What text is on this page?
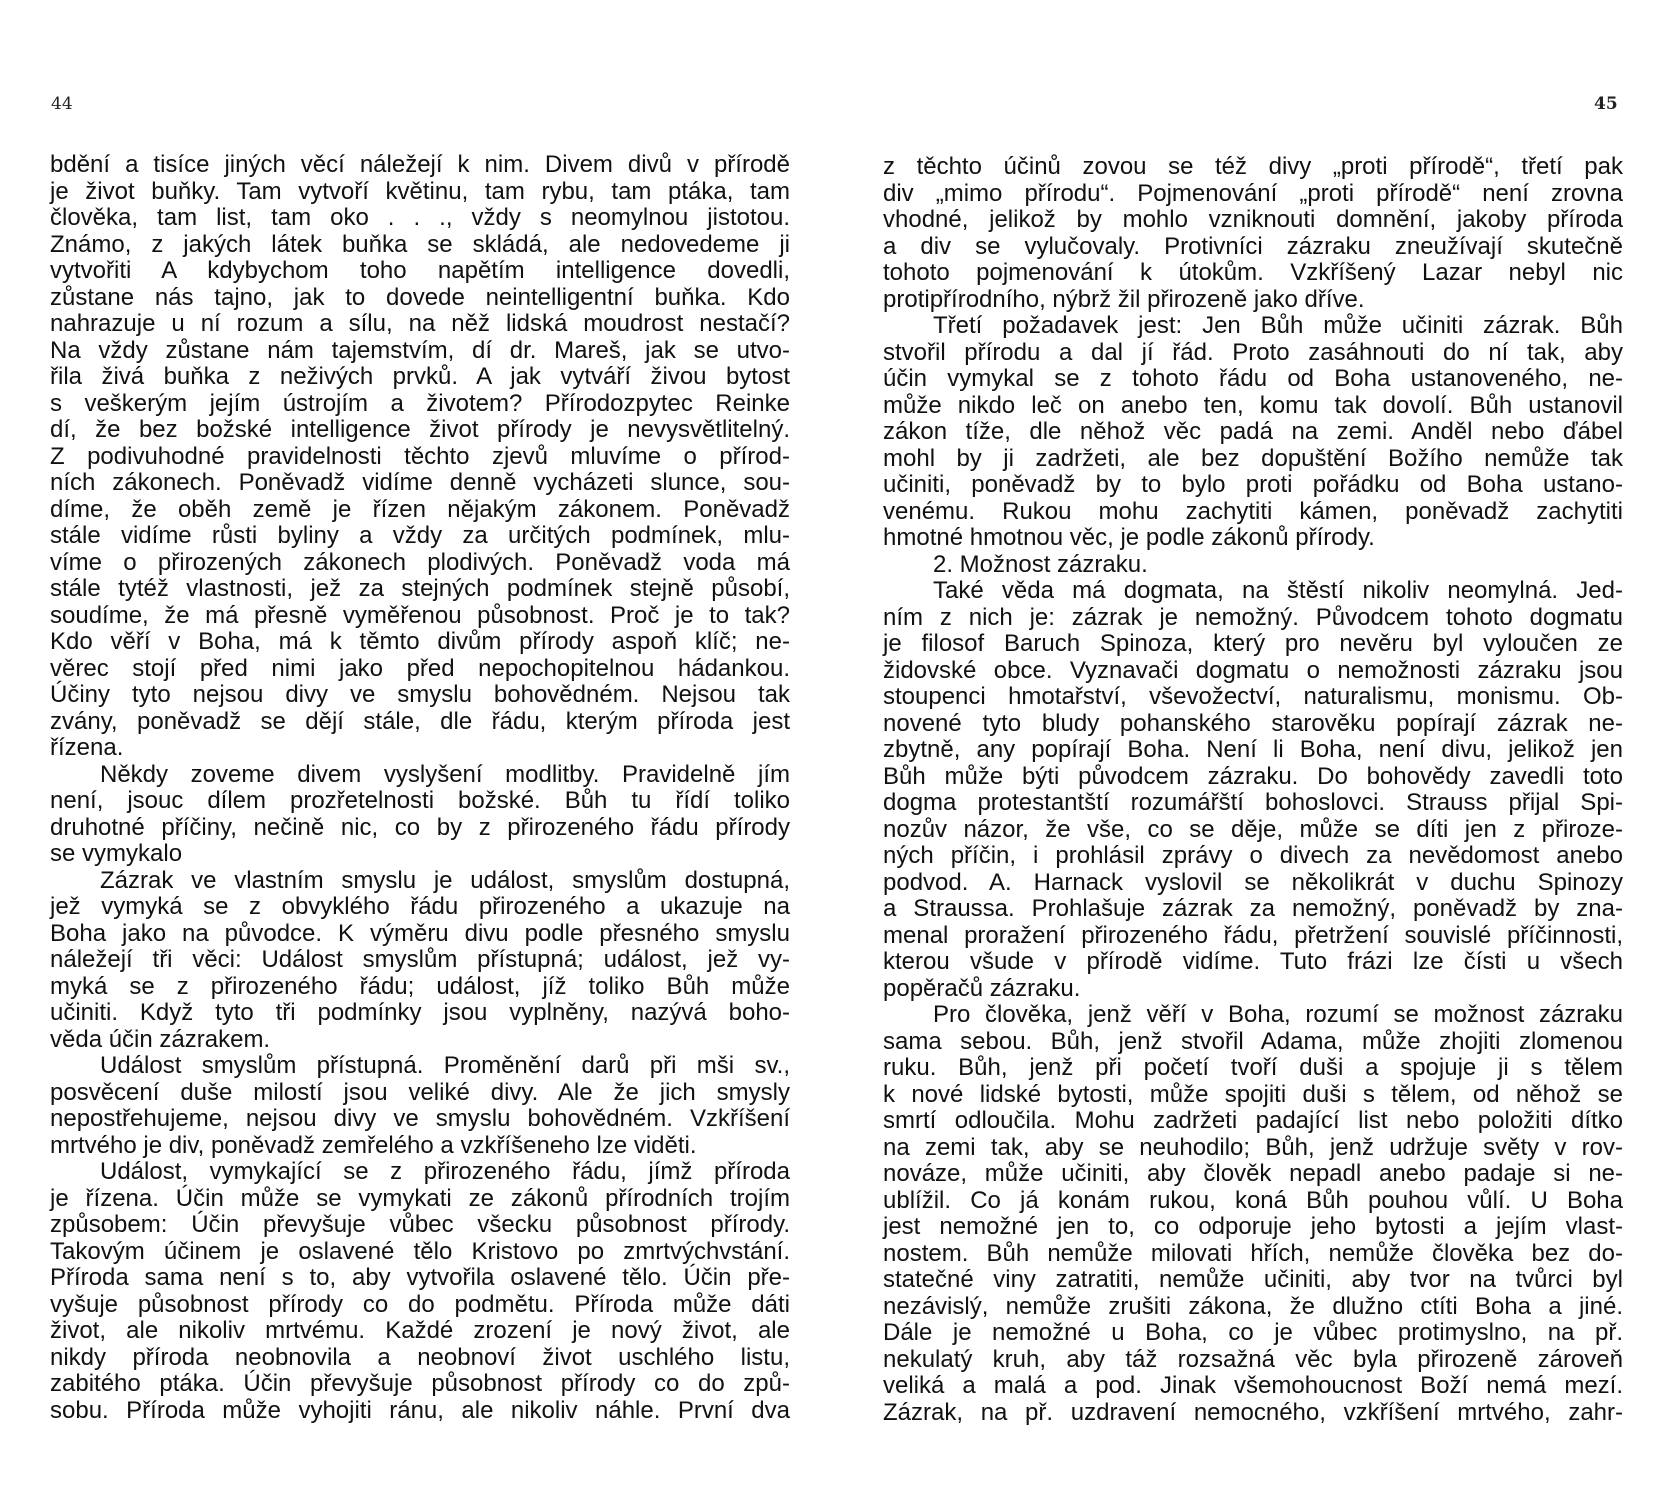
44
bdění a tisíce jiných věcí náležejí k nim. Divem divů v přírodě
je život buňky. Tam vytvoří květinu, tam rybu, tam ptáka, tam
člověka, tam list, tam oko . . ., vždy s neomylnou jistotou.
Známo, z jakých látek buňka se skládá, ale nedovedeme ji
vytvořiti A kdybychom toho napětím intelligence dovedli,
zůstane nás tajno, jak to dovede neintelligentní buňka. Kdo
nahrazuje u ní rozum a sílu, na něž lidská moudrost nestačí?
Na vždy zůstane nám tajemstvím, dí dr. Mareš, jak se utvo-
řila živá buňka z neživých prvků. A jak vytváří živou bytost
s veškerým jejím ústrojím a životem? Přírodozpytec Reinke
dí, že bez božské intelligence život přírody je nevysvětlitelný.
Z podivuhodné pravidelnosti těchto zjevů mluvíme o přírod-
ních zákonech. Poněvadž vidíme denně vycházeti slunce, sou-
díme, že oběh země je řízen nějakým zákonem. Poněvadž
stále vidíme růsti byliny a vždy za určitých podmínek, mlu-
víme o přirozených zákonech plodivých. Poněvadž voda má
stále tytéž vlastnosti, jež za stejných podmínek stejně působí,
soudíme, že má přesně vyměřenou působnost. Proč je to tak?
Kdo věří v Boha, má k těmto divům přírody aspoň klíč; ne-
věrec stojí před nimi jako před nepochopitelnou hádankou.
Účiny tyto nejsou divy ve smyslu bohovědném. Nejsou tak
zvány, poněvadž se dějí stále, dle řádu, kterým příroda jest
řízena.
Někdy zoveme divem vyslyšení modlitby. Pravidelně jím
není, jsouc dílem prozřetelnosti božské. Bůh tu řídí toliko
druhotné příčiny, nečině nic, co by z přirozeného řádu přírody
se vymykalo
Zázrak ve vlastním smyslu je událost, smyslům dostupná,
jež vymyká se z obvyklého řádu přirozeného a ukazuje na
Boha jako na původce. K výměru divu podle přesného smyslu
náležejí tři věci: Událost smyslům přístupná; událost, jež vy-
myká se z přirozeného řádu; událost, jíž toliko Bůh může
učiniti. Když tyto tři podmínky jsou vyplněny, nazývá boho-
věda účin zázrakem.
Událost smyslům přístupná. Proměnění darů při mši sv.,
posvěcení duše milostí jsou veliké divy. Ale že jich smysly
nepostřehujeme, nejsou divy ve smyslu bohovědném. Vzkříšení
mrtvého je div, poněvadž zemřelého a vzkříšeneho lze viděti.
Událost, vymykající se z přirozeného řádu, jímž příroda
je řízena. Účin může se vymykati ze zákonů přírodních trojím
způsobem: Účin převyšuje vůbec všecku působnost přírody.
Takovým účinem je oslavené tělo Kristovo po zmrtvýchvstání.
Příroda sama není s to, aby vytvořila oslavené tělo. Účin pře-
vyšuje působnost přírody co do podmětu. Příroda může dáti
život, ale nikoliv mrtvému. Každé zrození je nový život, ale
nikdy příroda neobnovila a neobnoví život uschlého listu,
zabitého ptáka. Účin převyšuje působnost přírody co do způ-
sobu. Příroda může vyhojiti ránu, ale nikoliv náhle. První dva
45
z těchto účinů zovou se též divy „proti přírodě“, třetí pak
div „mimo přírodu“. Pojmenování „proti přírodě“ není zrovna
vhodné, jelikož by mohlo vzniknouti domnění, jakoby příroda
a div se vylučovaly. Protivníci zázraku zneužívají skutečně
tohoto pojmenování k útokům. Vzkříšený Lazar nebyl nic
protipřírodního, nýbrž žil přirozeně jako dříve.
Třetí požadavek jest: Jen Bůh může učiniti zázrak. Bůh
stvořil přírodu a dal jí řád. Proto zasáhnouti do ní tak, aby
účin vymykal se z tohoto řádu od Boha ustanoveného, ne-
může nikdo leč on anebo ten, komu tak dovolí. Bůh ustanovil
zákon tíže, dle něhož věc padá na zemi. Anděl nebo ďábel
mohl by ji zadržeti, ale bez dopuštění Božího nemůže tak
učiniti, poněvadž by to bylo proti pořádku od Boha ustano-
venému. Rukou mohu zachytiti kámen, poněvadž zachytiti
hmotné hmotnou věc, je podle zákonů přírody.
2. Možnost zázraku.
Také věda má dogmata, na štěstí nikoliv neomylná. Jed-
ním z nich je: zázrak je nemožný. Původcem tohoto dogmatu
je filosof Baruch Spinoza, který pro nevěru byl vyloučen ze
židovské obce. Vyznavači dogmatu o nemožnosti zázraku jsou
stoupenci hmotařství, vševožectví, naturalismu, monismu. Ob-
novené tyto bludy pohanského starověku popírají zázrak ne-
zbytně, any popírají Boha. Není li Boha, není divu, jelikož jen
Bůh může býti původcem zázraku. Do bohovědy zavedli toto
dogma protestantští rozumářští bohoslovci. Strauss přijal Spi-
nozův názor, že vše, co se děje, může se díti jen z přiroze-
ných příčin, i prohlásil zprávy o divech za nevědomost anebo
podvod. A. Harnack vyslovil se několikrát v duchu Spinozy
a Straussa. Prohlašuje zázrak za nemožný, poněvadž by zna-
menal proražení přirozeného řádu, přetržení souvislé příčinnosti,
kterou všude v přírodě vidíme. Tuto frázi lze čísti u všech
popěračů zázraku.
Pro člověka, jenž věří v Boha, rozumí se možnost zázraku
sama sebou. Bůh, jenž stvořil Adama, může zhojiti zlomenou
ruku. Bůh, jenž při početí tvoří duši a spojuje ji s tělem
k nové lidské bytosti, může spojiti duši s tělem, od něhož se
smrtí odloučila. Mohu zadržeti padající list nebo položiti dítko
na zemi tak, aby se neuhodilo; Bůh, jenž udržuje světy v rov-
nováze, může učiniti, aby člověk nepadl anebo padaje si ne-
ublížil. Co já konám rukou, koná Bůh pouhou vůlí. U Boha
jest nemožné jen to, co odporuje jeho bytosti a jejím vlast-
nostem. Bůh nemůže milovati hřích, nemůže člověka bez do-
statečné viny zatratiti, nemůže učiniti, aby tvor na tvůrci byl
nezávislý, nemůže zrušiti zákona, že dlužno ctíti Boha a jiné.
Dále je nemožné u Boha, co je vůbec protimyslno, na př.
nekulatý kruh, aby táž rozsažná věc byla přirozeně zároveň
veliká a malá a pod. Jinak všemohoucnost Boží nemá mezí.
Zázrak, na př. uzdravení nemocného, vzkříšení mrtvého, zahr-
